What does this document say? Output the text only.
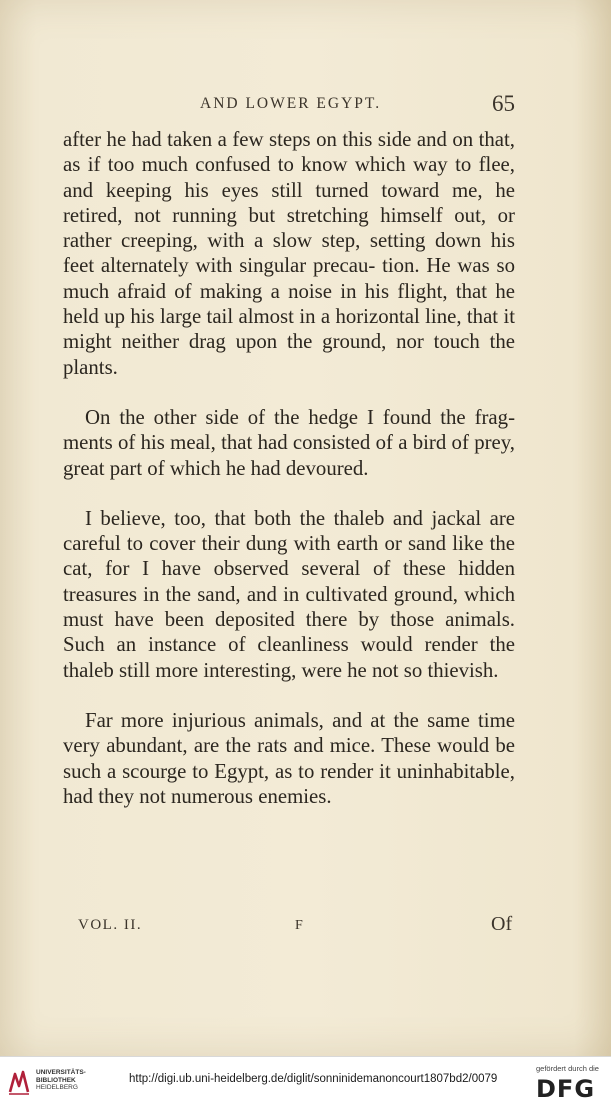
AND LOWER EGYPT.	65

after he had taken a few steps on this side and on that, as if too much confused to know which way to flee, and keeping his eyes still turned toward me, he retired, not running but stretching himself out, or rather creeping, with a slow step, setting down his feet alternately with singular precau- tion. He was so much afraid of making a noise in his flight, that he held up his large tail almost in a horizontal line, that it might neither drag upon the ground, nor touch the plants.

On the other side of the hedge I found the frag- ments of his meal, that had consisted of a bird of prey, great part of which he had devoured.

I believe, too, that both the thaleb and jackal are careful to cover their dung with earth or sand like the cat, for I have observed several of these hidden treasures in the sand, and in cultivated ground, which must have been deposited there by those animals. Such an instance of cleanliness would render the thaleb still more interesting, were he not so thievish.

Far more injurious animals, and at the same time very abundant, are the rats and mice. These would be such a scourge to Egypt, as to render it uninhabitable, had they not numerous enemies.

VOL. II.	F	Of
UNIVERSITÄTS-
BIBLIOTHEK
HEIDELBERG
http://digi.ub.uni-heidelberg.de/diglit/sonninidemanoncourt1807bd2/0079
gefördert durch die
DFG
